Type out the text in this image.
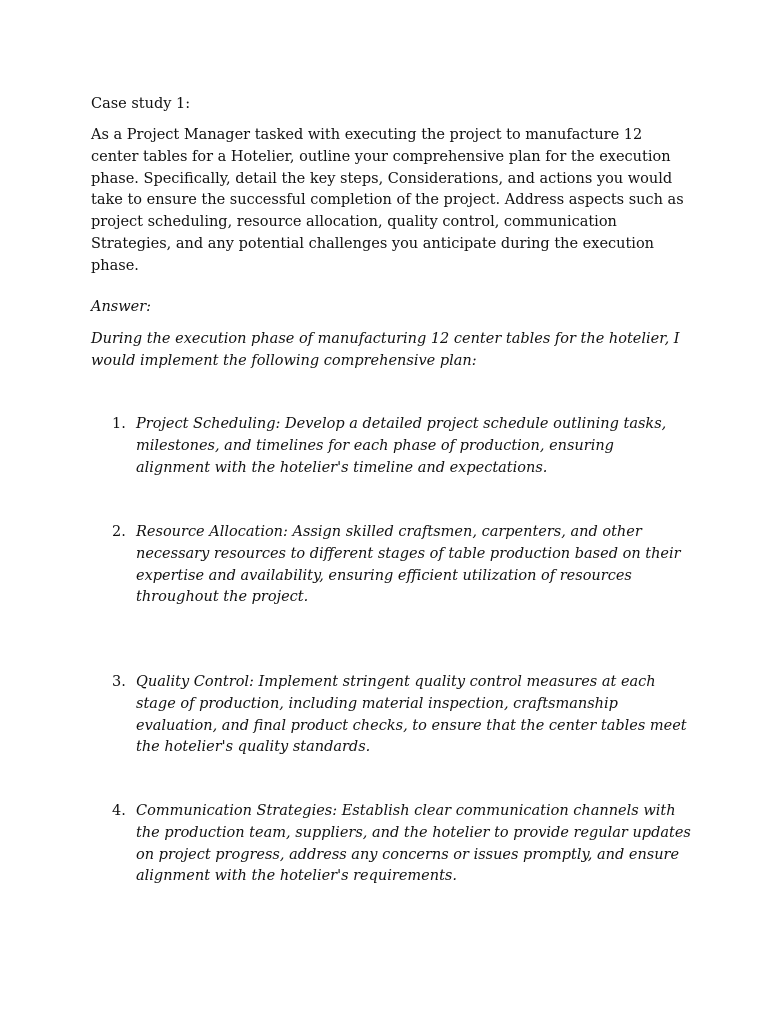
Case study 1:

As a Project Manager tasked with executing the project to manufacture 12 center tables for a Hotelier, outline your comprehensive plan for the execution phase. Specifically, detail the key steps, Considerations, and actions you would take to ensure the successful completion of the project. Address aspects such as project scheduling, resource allocation, quality control, communication Strategies, and any potential challenges you anticipate during the execution phase.

Answer:

During the execution phase of manufacturing 12 center tables for the hotelier, I would implement the following comprehensive plan:

1. Project Scheduling: Develop a detailed project schedule outlining tasks, milestones, and timelines for each phase of production, ensuring alignment with the hotelier's timeline and expectations.
2. Resource Allocation: Assign skilled craftsmen, carpenters, and other necessary resources to different stages of table production based on their expertise and availability, ensuring efficient utilization of resources throughout the project.
3. Quality Control: Implement stringent quality control measures at each stage of production, including material inspection, craftsmanship evaluation, and final product checks, to ensure that the center tables meet the hotelier's quality standards.
4. Communication Strategies: Establish clear communication channels with the production team, suppliers, and the hotelier to provide regular updates on project progress, address any concerns or issues promptly, and ensure alignment with the hotelier's requirements.
